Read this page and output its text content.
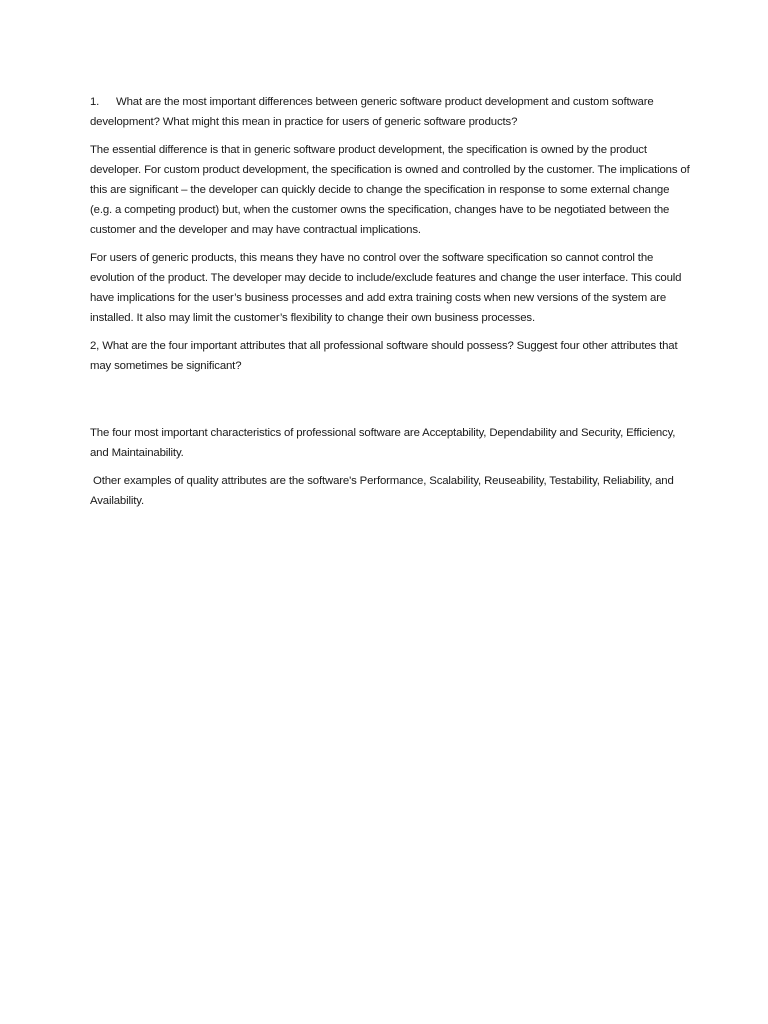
1. What are the most important differences between generic software product development and custom software development? What might this mean in practice for users of generic software products?

The essential difference is that in generic software product development, the specification is owned by the product developer. For custom product development, the specification is owned and controlled by the customer. The implications of this are significant – the developer can quickly decide to change the specification in response to some external change (e.g. a competing product) but, when the customer owns the specification, changes have to be negotiated between the customer and the developer and may have contractual implications.

For users of generic products, this means they have no control over the software specification so cannot control the evolution of the product. The developer may decide to include/exclude features and change the user interface. This could have implications for the user’s business processes and add extra training costs when new versions of the system are installed. It also may limit the customer’s flexibility to change their own business processes.

2, What are the four important attributes that all professional software should possess? Suggest four other attributes that may sometimes be significant?

The four most important characteristics of professional software are Acceptability, Dependability and Security, Efficiency, and Maintainability.

Other examples of quality attributes are the software's Performance, Scalability, Reuseability, Testability, Reliability, and Availability.
